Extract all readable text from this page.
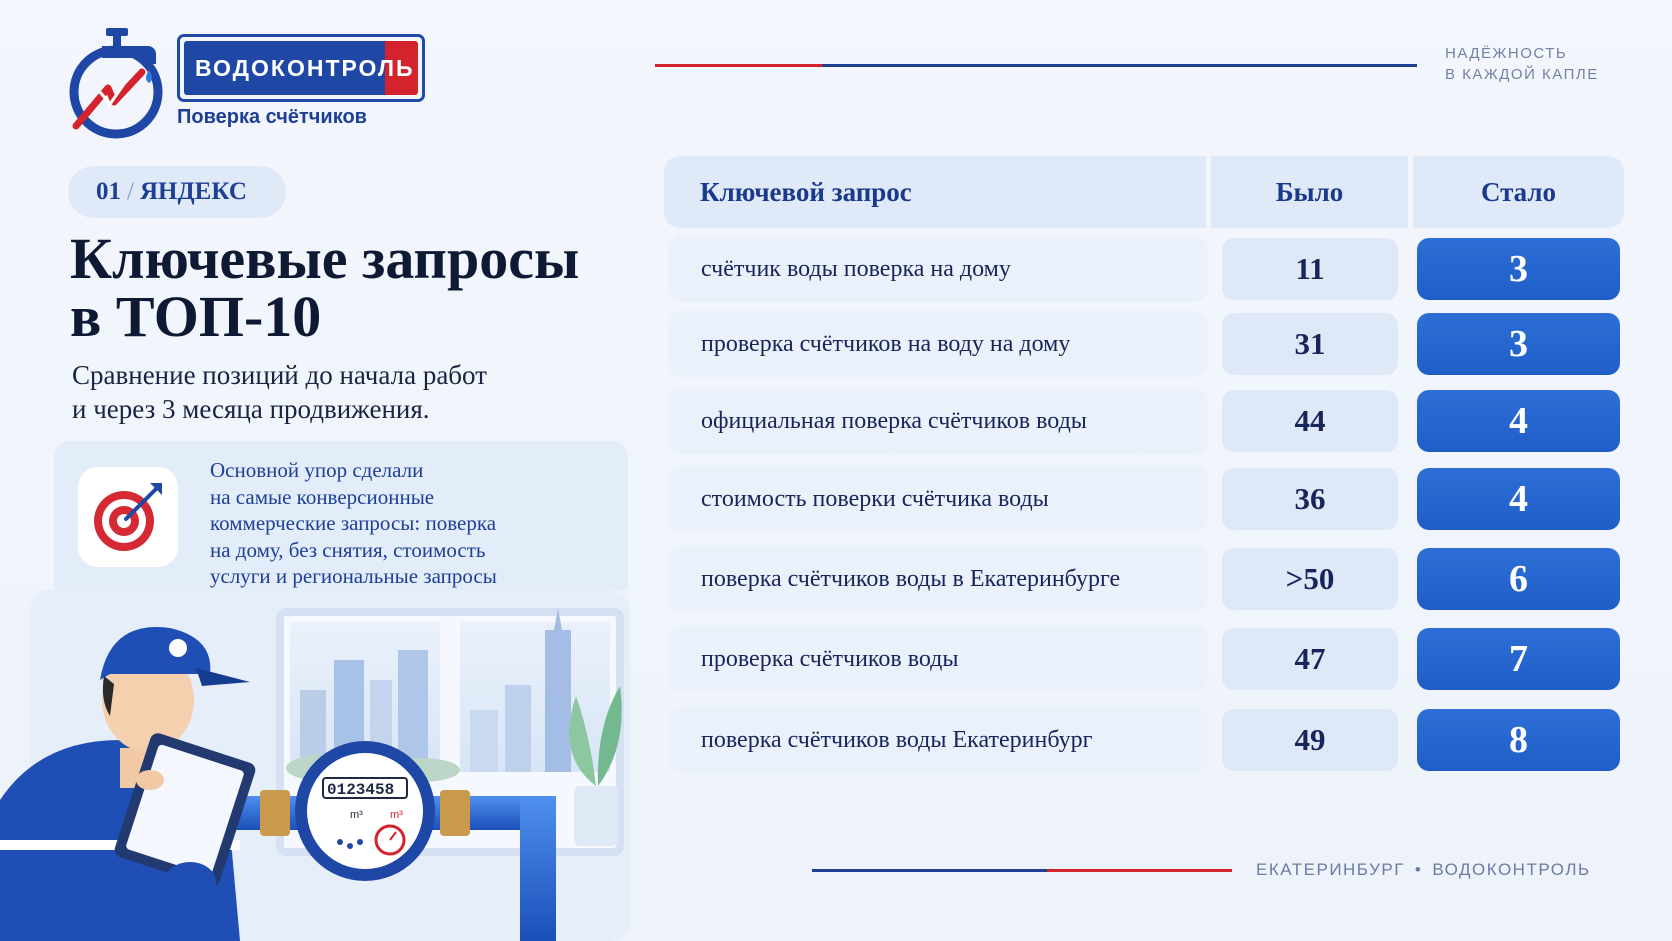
ВОДОКОНТРОЛЬ
Поверка счётчиков
НАДЁЖНОСТЬ
В КАЖДОЙ КАПЛЕ
01 / ЯНДЕКС
Ключевые запросы
в ТОП-10
Сравнение позиций до начала работ
и через 3 месяца продвижения.
Основной упор сделали
на самые конверсионные
коммерческие запросы: поверка
на дому, без снятия, стоимость
услуги и региональные запросы
0123458
m³ m³
Ключевой запрос	Было	Стало
счётчик воды поверка на дому	11	3
проверка счётчиков на воду на дому	31	3
официальная поверка счётчиков воды	44	4
стоимость поверки счётчика воды	36	4
поверка счётчиков воды в Екатеринбурге	>50	6
проверка счётчиков воды	47	7
поверка счётчиков воды Екатеринбург	49	8
ЕКАТЕРИНБУРГ • ВОДОКОНТРОЛЬ
